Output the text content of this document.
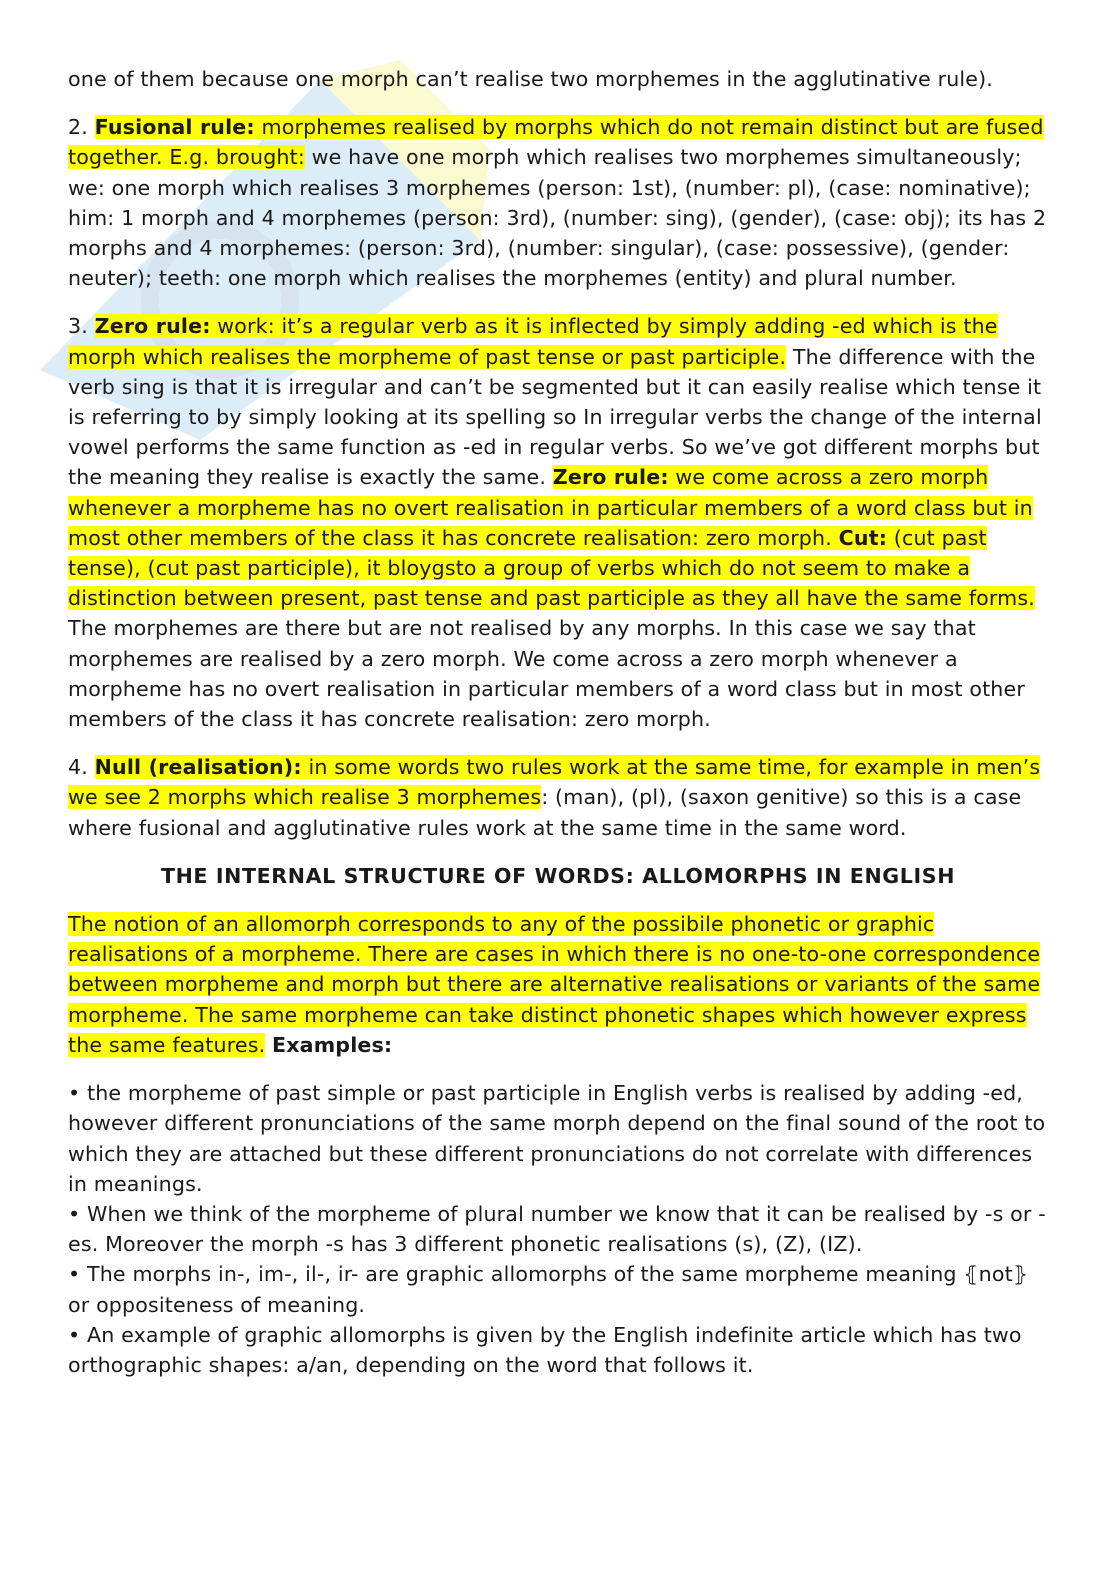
one of them because one morph can’t realise two morphemes in the agglutinative rule).

2. Fusional rule: morphemes realised by morphs which do not remain distinct but are fused together. E.g. brought: we have one morph which realises two morphemes simultaneously; we: one morph which realises 3 morphemes (person: 1st), (number: pl), (case: nominative); him: 1 morph and 4 morphemes (person: 3rd), (number: sing), (gender), (case: obj); its has 2 morphs and 4 morphemes: (person: 3rd), (number: singular), (case: possessive), (gender: neuter); teeth: one morph which realises the morphemes (entity) and plural number.

3. Zero rule: work: it’s a regular verb as it is inflected by simply adding -ed which is the morph which realises the morpheme of past tense or past participle. The difference with the verb sing is that it is irregular and can’t be segmented but it can easily realise which tense it is referring to by simply looking at its spelling so In irregular verbs the change of the internal vowel performs the same function as -ed in regular verbs. So we’ve got different morphs but the meaning they realise is exactly the same. Zero rule: we come across a zero morph whenever a morpheme has no overt realisation in particular members of a word class but in most other members of the class it has concrete realisation: zero morph. Cut: (cut past tense), (cut past participle), it bloygsto a group of verbs which do not seem to make a distinction between present, past tense and past participle as they all have the same forms. The morphemes are there but are not realised by any morphs. In this case we say that morphemes are realised by a zero morph. We come across a zero morph whenever a morpheme has no overt realisation in particular members of a word class but in most other members of the class it has concrete realisation: zero morph.

4. Null (realisation): in some words two rules work at the same time, for example in men’s we see 2 morphs which realise 3 morphemes: (man), (pl), (saxon genitive) so this is a case where fusional and agglutinative rules work at the same time in the same word.

THE INTERNAL STRUCTURE OF WORDS: ALLOMORPHS IN ENGLISH

The notion of an allomorph corresponds to any of the possibile phonetic or graphic realisations of a morpheme. There are cases in which there is no one-to-one correspondence between morpheme and morph but there are alternative realisations or variants of the same morpheme. The same morpheme can take distinct phonetic shapes which however express the same features. Examples:

• the morpheme of past simple or past participle in English verbs is realised by adding -ed, however different pronunciations of the same morph depend on the final sound of the root to which they are attached but these different pronunciations do not correlate with differences in meanings.

• When we think of the morpheme of plural number we know that it can be realised by -s or -es. Moreover the morph -s has 3 different phonetic realisations (s), (Z), (IZ).

• The morphs in-, im-, il-, ir- are graphic allomorphs of the same morpheme meaning ⦃not⦄ or oppositeness of meaning.

• An example of graphic allomorphs is given by the English indefinite article which has two orthographic shapes: a/an, depending on the word that follows it.
